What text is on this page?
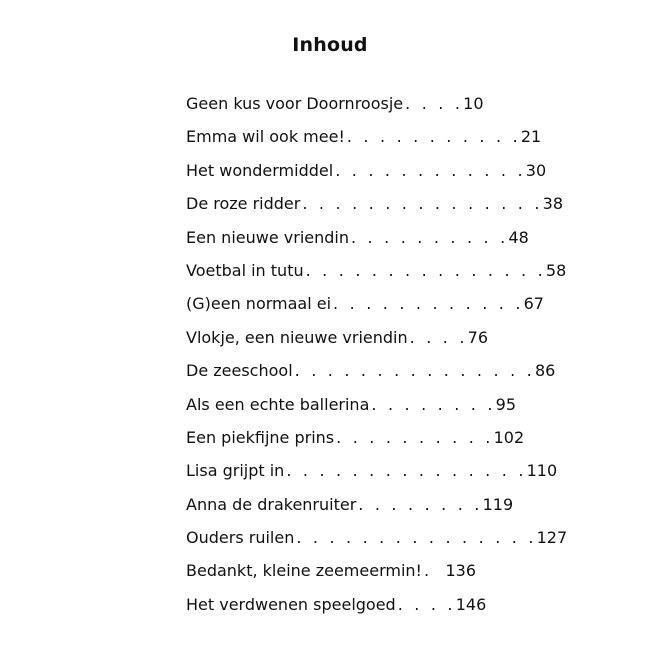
Inhoud
Geen kus voor Doornroosje . . . . 10
Emma wil ook mee! . . . . . . . . . . . 21
Het wondermiddel . . . . . . . . . . . . 30
De roze ridder . . . . . . . . . . . . . . . 38
Een nieuwe vriendin . . . . . . . . . . 48
Voetbal in tutu . . . . . . . . . . . . . . . 58
(G)een normaal ei . . . . . . . . . . . . 67
Vlokje, een nieuwe vriendin . . . . 76
De zeeschool . . . . . . . . . . . . . . . 86
Als een echte ballerina . . . . . . . . 95
Een piekfijne prins . . . . . . . . . . 102
Lisa grijpt in . . . . . . . . . . . . . . . 110
Anna de drakenruiter . . . . . . . . 119
Ouders ruilen . . . . . . . . . . . . . . . 127
Bedankt, kleine zeemeermin! . 136
Het verdwenen speelgoed . . . . 146
